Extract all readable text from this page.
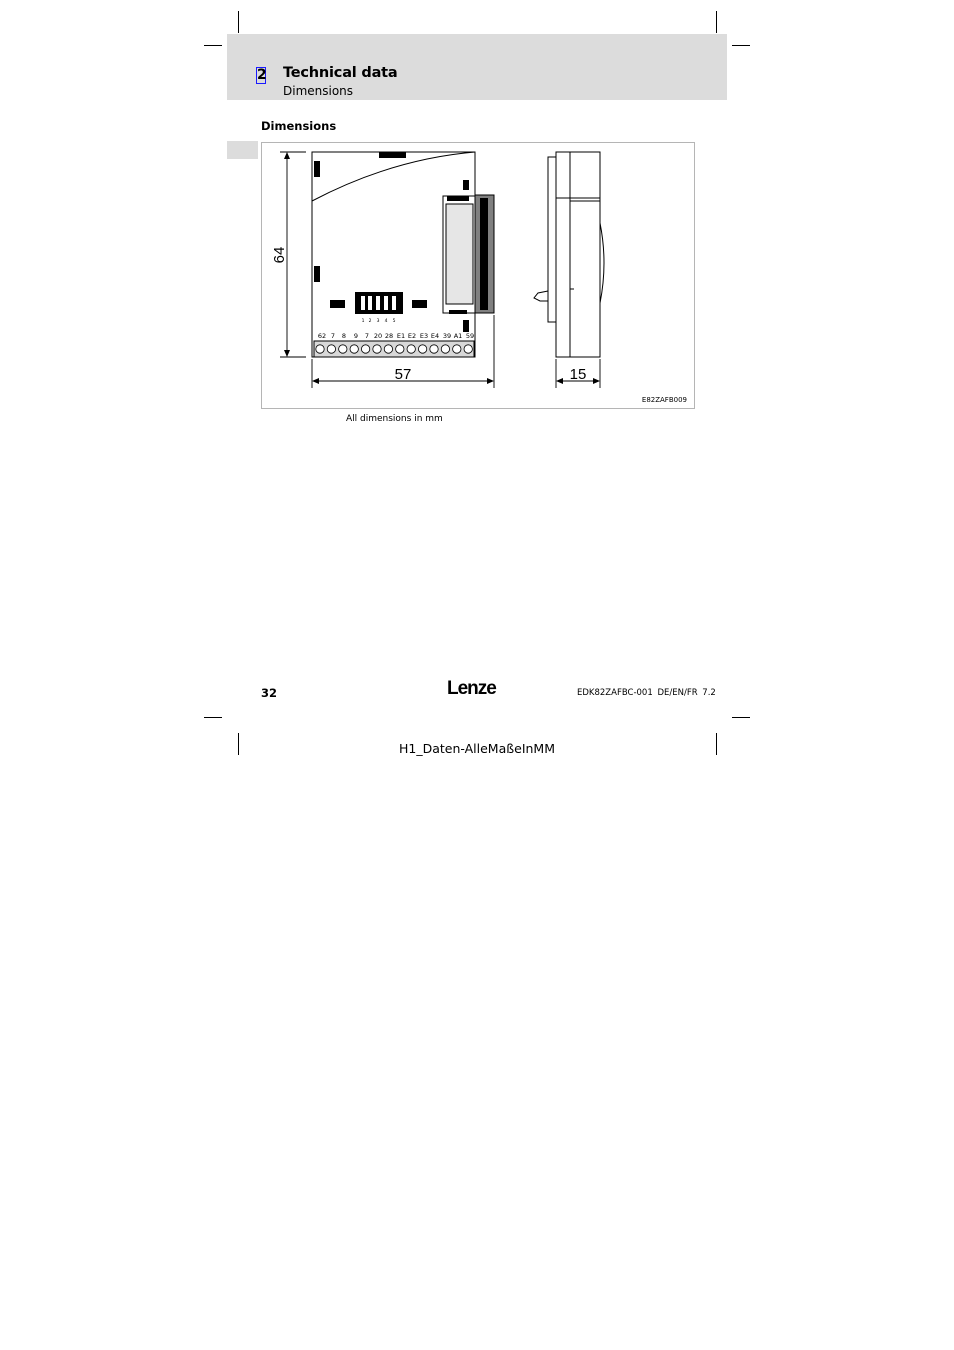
2 Technical data
Dimensions
Dimensions
62 7 8 9 7 20 28 E1 E2 E3 E4 39 A1 59
1 2 3 4 5
64
57	15
E82ZAFB009
All dimensions in mm
32	Lenze	EDK82ZAFBC-001 DE/EN/FR 7.2
H1_Daten-AlleMaßeInMM
